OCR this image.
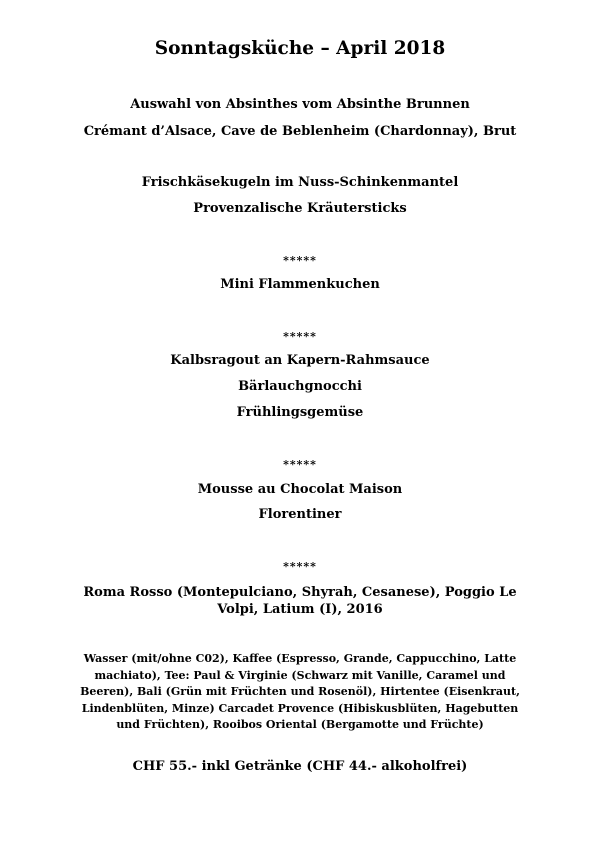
Sonntagsküche – April 2018
Auswahl von Absinthes vom Absinthe Brunnen
Crémant d’Alsace, Cave de Beblenheim (Chardonnay), Brut
Frischkäsekugeln im Nuss-Schinkenmantel
Provenzalische Kräutersticks
*****
Mini Flammenkuchen
*****
Kalbsragout an Kapern-Rahmsauce
Bärlauchgnocchi
Frühlingsgemüse
*****
Mousse au Chocolat Maison
Florentiner
*****
Roma Rosso (Montepulciano, Shyrah, Cesanese), Poggio Le
Volpi, Latium (I), 2016
Wasser (mit/ohne C02), Kaffee (Espresso, Grande, Cappucchino, Latte
machiato), Tee: Paul & Virginie (Schwarz mit Vanille, Caramel und
Beeren), Bali (Grün mit Früchten und Rosenöl), Hirtentee (Eisenkraut,
Lindenblüten, Minze) Carcadet Provence (Hibiskusblüten, Hagebutten
und Früchten), Rooibos Oriental (Bergamotte und Früchte)
CHF 55.- inkl Getränke (CHF 44.- alkoholfrei)
